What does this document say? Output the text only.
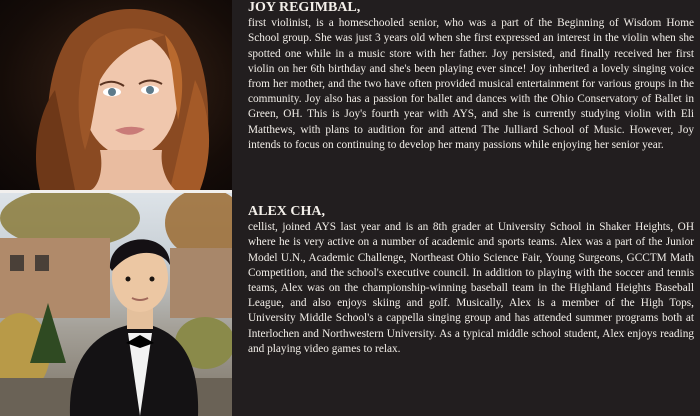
JOY REGIMBAL,
first violinist, is a homeschooled senior, who was a part of the Beginning of Wisdom Home School group. She was just 3 years old when she first expressed an interest in the violin when she spotted one while in a music store with her father. Joy persisted, and finally received her first violin on her 6th birthday and she's been playing ever since! Joy inherited a lovely singing voice from her mother, and the two have often provided musical entertainment for various groups in the community. Joy also has a passion for ballet and dances with the Ohio Conservatory of Ballet in Green, OH. This is Joy's fourth year with AYS, and she is currently studying violin with Eli Matthews, with plans to audition for and attend The Julliard School of Music. However, Joy intends to focus on continuing to develop her many passions while enjoying her senior year.

ALEX CHA,
cellist, joined AYS last year and is an 8th grader at University School in Shaker Heights, OH where he is very active on a number of academic and sports teams. Alex was a part of the Junior Model U.N., Academic Challenge, Northeast Ohio Science Fair, Young Surgeons, GCCTM Math Competition, and the school's executive council. In addition to playing with the soccer and tennis teams, Alex was on the championship-winning baseball team in the Highland Heights Baseball League, and also enjoys skiing and golf. Musically, Alex is a member of the High Tops, University Middle School's a cappella singing group and has attended summer programs both at Interlochen and Northwestern University. As a typical middle school student, Alex enjoys reading and playing video games to relax.
